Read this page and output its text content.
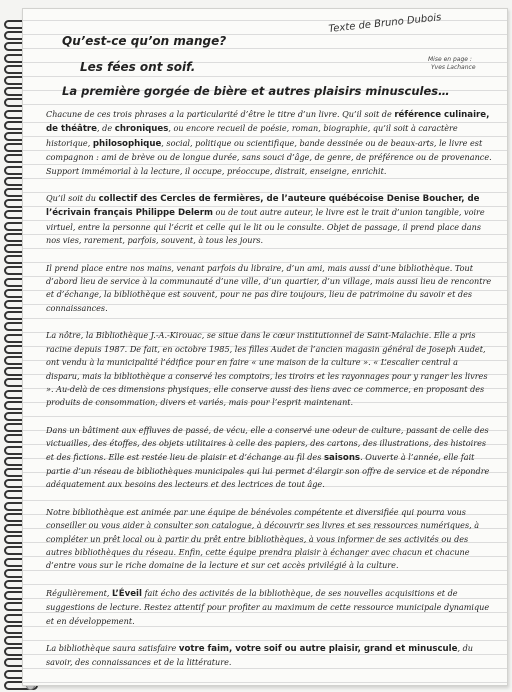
Qu’est-ce qu’on mange?
Les fées ont soif.
La première gorgée de bière et autres plaisirs minuscules…
Texte de Bruno Dubois
Mise en page :
Yves Lachance

Chacune de ces trois phrases a la particularité d’être le titre d’un livre. Qu’il soit de référence culinaire, de théâtre, de chroniques, ou encore recueil de poésie, roman, biographie, qu’il soit à caractère historique, philosophique, social, politique ou scientifique, bande dessinée ou de beaux-arts, le livre est compagnon : ami de brève ou de longue durée, sans souci d’âge, de genre, de préférence ou de provenance. Support immémorial à la lecture, il occupe, préoccupe, distrait, enseigne, enrichit.

Qu’il soit du collectif des Cercles de fermières, de l’auteure québécoise Denise Boucher, de l’écrivain français Philippe Delerm ou de tout autre auteur, le livre est le trait d’union tangible, voire virtuel, entre la personne qui l’écrit et celle qui le lit ou le consulte. Objet de passage, il prend place dans nos vies, rarement, parfois, souvent, à tous les jours.

Il prend place entre nos mains, venant parfois du libraire, d’un ami, mais aussi d’une bibliothèque. Tout d’abord lieu de service à la communauté d’une ville, d’un quartier, d’un village, mais aussi lieu de rencontre et d’échange, la bibliothèque est souvent, pour ne pas dire toujours, lieu de patrimoine du savoir et des connaissances.

La nôtre, la Bibliothèque J.-A.-Kirouac, se situe dans le cœur institutionnel de Saint-Malachie. Elle a pris racine depuis 1987. De fait, en octobre 1985, les filles Audet de l’ancien magasin général de Joseph Audet, ont vendu à la municipalité l’édifice pour en faire « une maison de la culture ». « L’escalier central a disparu, mais la bibliothèque a conservé les comptoirs, les tiroirs et les rayonnages pour y ranger les livres ». Au-delà de ces dimensions physiques, elle conserve aussi des liens avec ce commerce, en proposant des produits de consommation, divers et variés, mais pour l’esprit maintenant.

Dans un bâtiment aux effluves de passé, de vécu, elle a conservé une odeur de culture, passant de celle des victuailles, des étoffes, des objets utilitaires à celle des papiers, des cartons, des illustrations, des histoires et des fictions. Elle est restée lieu de plaisir et d’échange au fil des saisons. Ouverte à l’année, elle fait partie d’un réseau de bibliothèques municipales qui lui permet d’élargir son offre de service et de répondre adéquatement aux besoins des lecteurs et des lectrices de tout âge.

Notre bibliothèque est animée par une équipe de bénévoles compétente et diversifiée qui pourra vous conseiller ou vous aider à consulter son catalogue, à découvrir ses livres et ses ressources numériques, à compléter un prêt local ou à partir du prêt entre bibliothèques, à vous informer de ses activités ou des autres bibliothèques du réseau. Enfin, cette équipe prendra plaisir à échanger avec chacun et chacune d’entre vous sur le riche domaine de la lecture et sur cet accès privilégié à la culture.

Régulièrement, L’Éveil fait écho des activités de la bibliothèque, de ses nouvelles acquisitions et de suggestions de lecture. Restez attentif pour profiter au maximum de cette ressource municipale dynamique et en développement.

La bibliothèque saura satisfaire votre faim, votre soif ou autre plaisir, grand et minuscule, du savoir, des connaissances et de la littérature.
